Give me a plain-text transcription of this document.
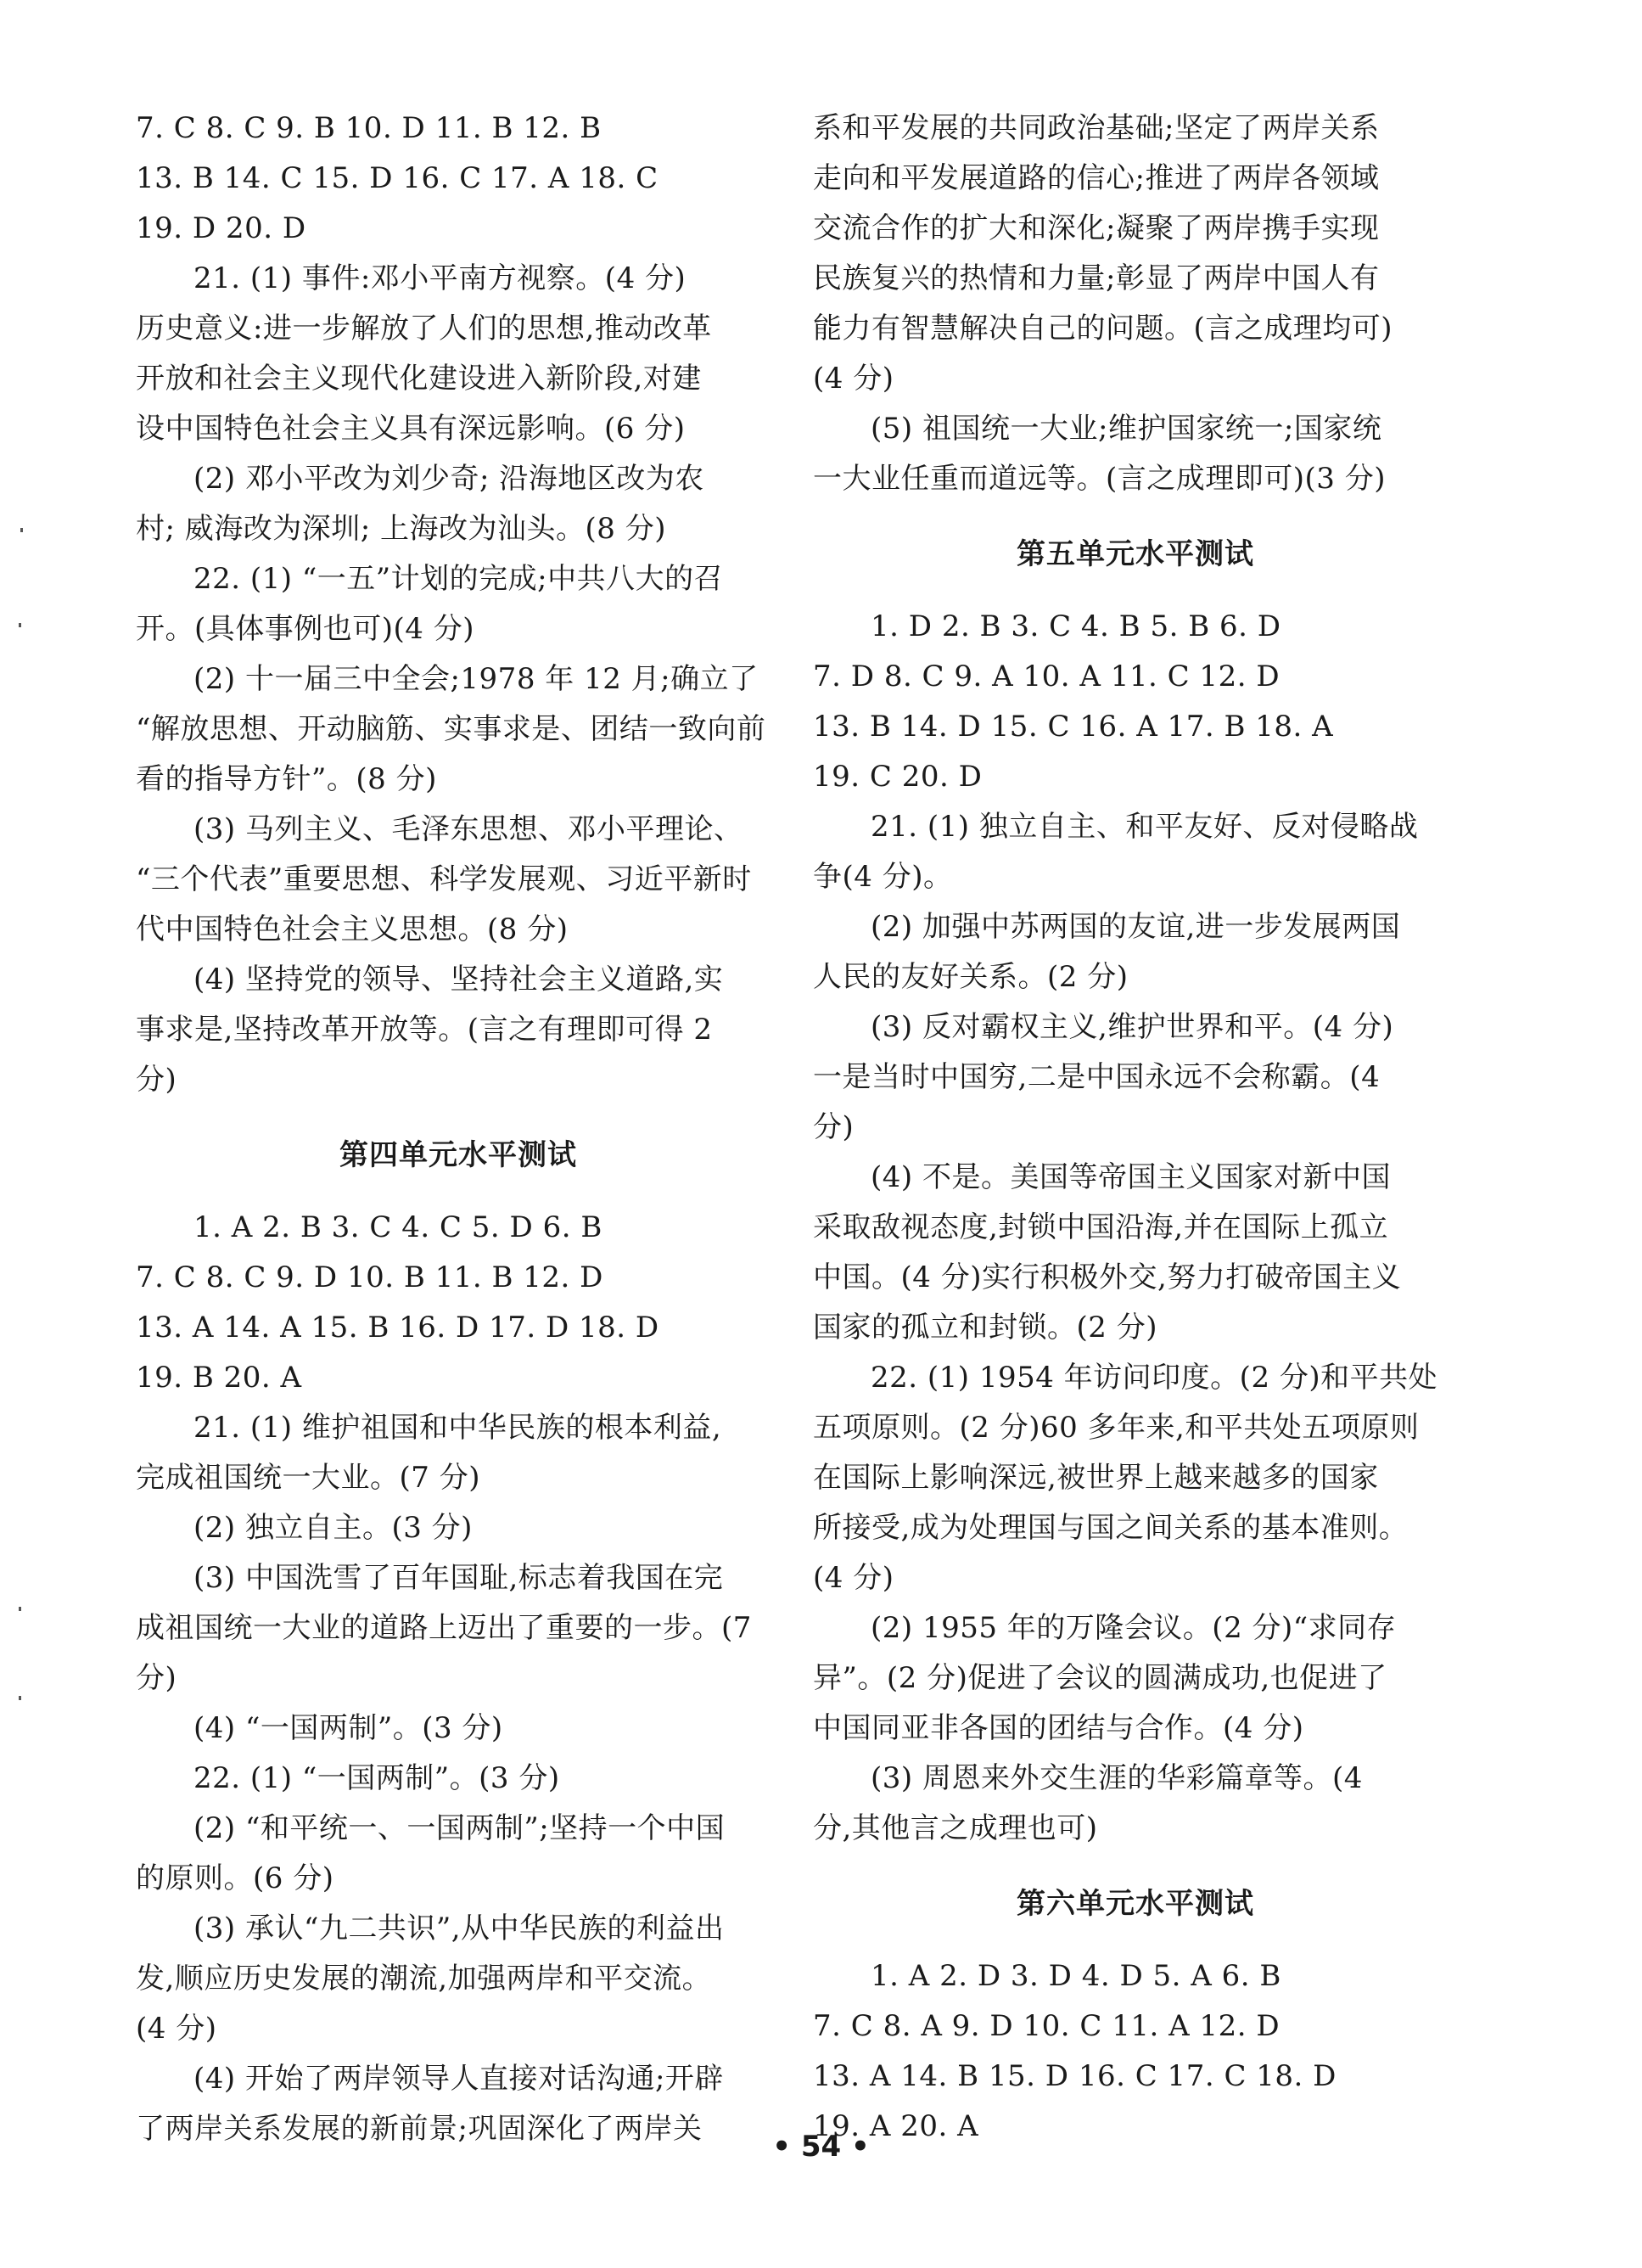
7. C 8. C 9. B 10. D 11. B 12. B

13. B 14. C 15. D 16. C 17. A 18. C

19. D 20. D

21. (1) 事件:邓小平南方视察。(4 分)

历史意义:进一步解放了人们的思想,推动改革

开放和社会主义现代化建设进入新阶段,对建

设中国特色社会主义具有深远影响。(6 分)

(2) 邓小平改为刘少奇; 沿海地区改为农

村; 威海改为深圳; 上海改为汕头。(8 分)

22. (1) “一五”计划的完成;中共八大的召

开。(具体事例也可)(4 分)

(2) 十一届三中全会;1978 年 12 月;确立了

“解放思想、开动脑筋、实事求是、团结一致向前

看的指导方针”。(8 分)

(3) 马列主义、毛泽东思想、邓小平理论、

“三个代表”重要思想、科学发展观、习近平新时

代中国特色社会主义思想。(8 分)

(4) 坚持党的领导、坚持社会主义道路,实

事求是,坚持改革开放等。(言之有理即可得 2

分)

第四单元水平测试

1. A 2. B 3. C 4. C 5. D 6. B

7. C 8. C 9. D 10. B 11. B 12. D

13. A 14. A 15. B 16. D 17. D 18. D

19. B 20. A

21. (1) 维护祖国和中华民族的根本利益,

完成祖国统一大业。(7 分)

(2) 独立自主。(3 分)

(3) 中国洗雪了百年国耻,标志着我国在完

成祖国统一大业的道路上迈出了重要的一步。(7

分)

(4) “一国两制”。(3 分)

22. (1) “一国两制”。(3 分)

(2) “和平统一、一国两制”;坚持一个中国

的原则。(6 分)

(3) 承认“九二共识”,从中华民族的利益出

发,顺应历史发展的潮流,加强两岸和平交流。

(4 分)

(4) 开始了两岸领导人直接对话沟通;开辟

了两岸关系发展的新前景;巩固深化了两岸关

系和平发展的共同政治基础;坚定了两岸关系

走向和平发展道路的信心;推进了两岸各领域

交流合作的扩大和深化;凝聚了两岸携手实现

民族复兴的热情和力量;彰显了两岸中国人有

能力有智慧解决自己的问题。(言之成理均可)

(4 分)

(5) 祖国统一大业;维护国家统一;国家统

一大业任重而道远等。(言之成理即可)(3 分)

第五单元水平测试

1. D 2. B 3. C 4. B 5. B 6. D

7. D 8. C 9. A 10. A 11. C 12. D

13. B 14. D 15. C 16. A 17. B 18. A

19. C 20. D

21. (1) 独立自主、和平友好、反对侵略战

争(4 分)。

(2) 加强中苏两国的友谊,进一步发展两国

人民的友好关系。(2 分)

(3) 反对霸权主义,维护世界和平。(4 分)

一是当时中国穷,二是中国永远不会称霸。(4

分)

(4) 不是。美国等帝国主义国家对新中国

采取敌视态度,封锁中国沿海,并在国际上孤立

中国。(4 分)实行积极外交,努力打破帝国主义

国家的孤立和封锁。(2 分)

22. (1) 1954 年访问印度。(2 分)和平共处

五项原则。(2 分)60 多年来,和平共处五项原则

在国际上影响深远,被世界上越来越多的国家

所接受,成为处理国与国之间关系的基本准则。

(4 分)

(2) 1955 年的万隆会议。(2 分)“求同存

异”。(2 分)促进了会议的圆满成功,也促进了

中国同亚非各国的团结与合作。(4 分)

(3) 周恩来外交生涯的华彩篇章等。(4

分,其他言之成理也可)

第六单元水平测试

1. A 2. D 3. D 4. D 5. A 6. B

7. C 8. A 9. D 10. C 11. A 12. D

13. A 14. B 15. D 16. C 17. C 18. D

19. A 20. A

• 54 •
